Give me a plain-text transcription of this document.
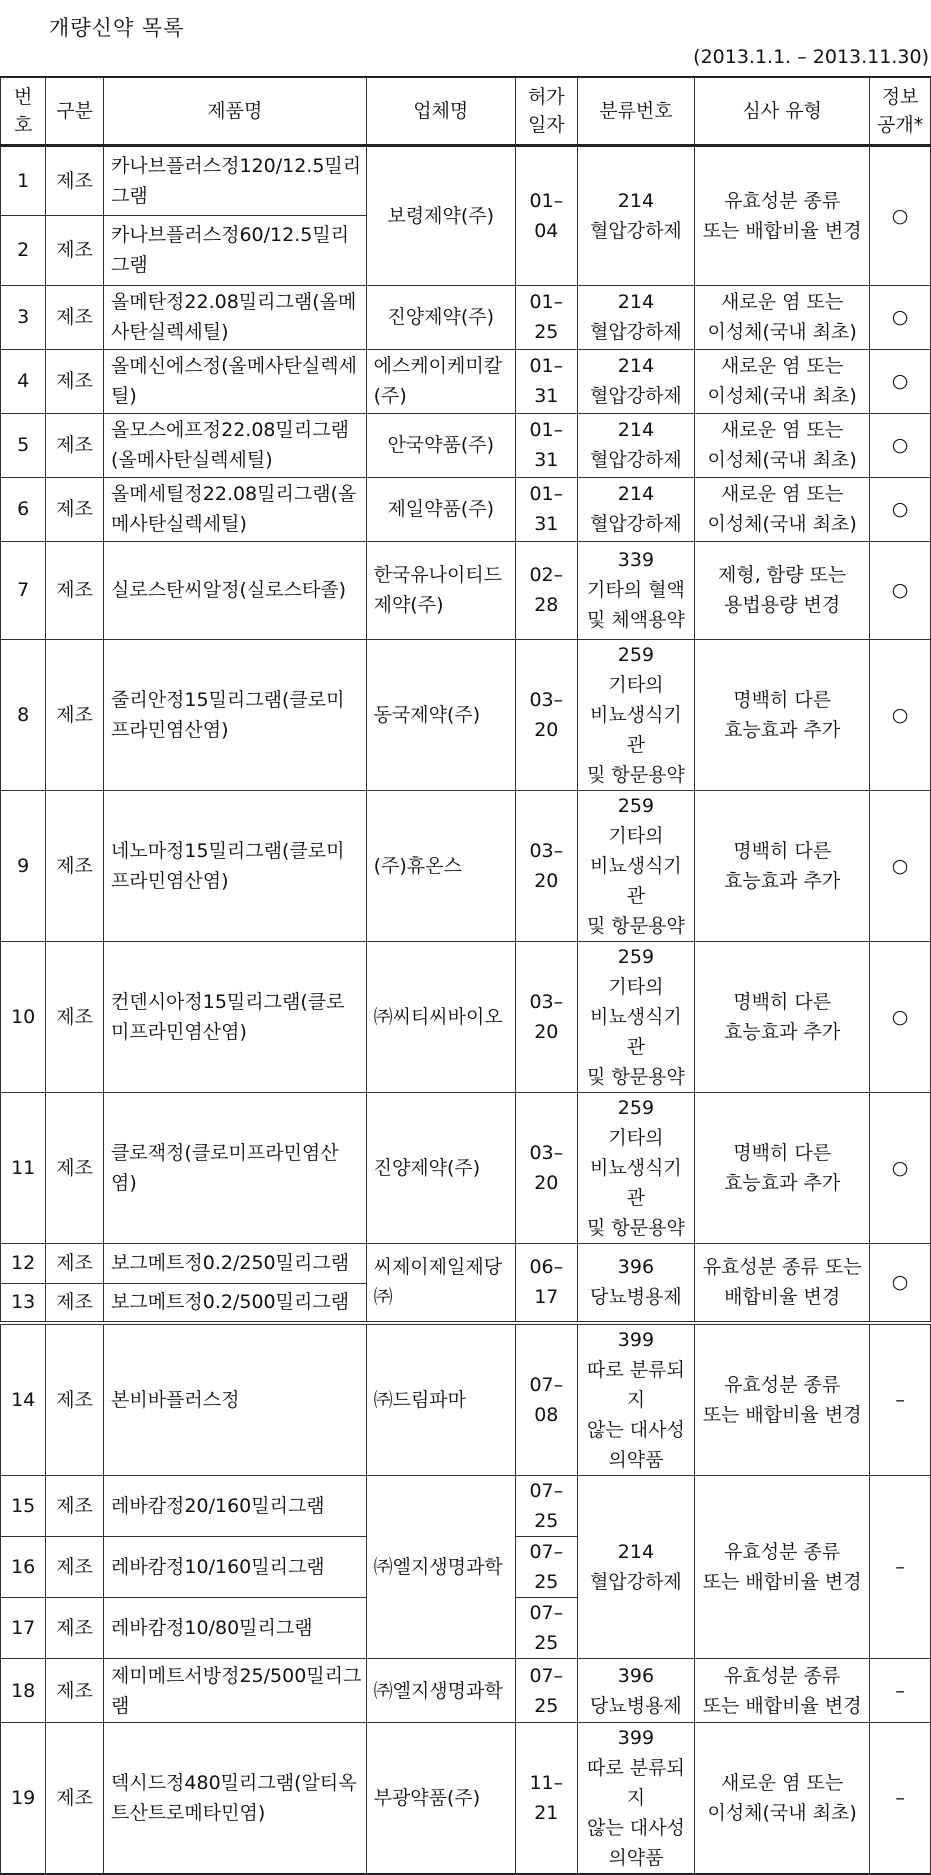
개량신약 목록
(2013.1.1. – 2013.11.30)
번호	구분	제품명	업체명	허가
일자	분류번호	심사 유형	정보
공개*

1	제조	카나브플러스정120/12.5밀리그램	보령제약(주)	01–04	214
혈압강하제	유효성분 종류
또는 배합비율 변경	○
2	제조	카나브플러스정60/12.5밀리그램					
3	제조	올메탄정22.08밀리그램(올메사탄실렉세틸)	진양제약(주)	01–25	214
혈압강하제	새로운 염 또는
이성체(국내 최초)	○
4	제조	올메신에스정(올메사탄실렉세틸)	에스케이케미칼
(주)	01–31	214
혈압강하제	새로운 염 또는
이성체(국내 최초)	○
5	제조	올모스에프정22.08밀리그램(올메사탄실렉세틸)	안국약품(주)	01–31	214
혈압강하제	새로운 염 또는
이성체(국내 최초)	○
6	제조	올메세틸정22.08밀리그램(올메사탄실렉세틸)	제일약품(주)	01–31	214
혈압강하제	새로운 염 또는
이성체(국내 최초)	○
7	제조	실로스탄씨알정(실로스타졸)	한국유나이티드
제약(주)	02–28	339
기타의 혈액
및 체액용약	제형, 함량 또는
용법용량 변경	○
8	제조	줄리안정15밀리그램(클로미프라민염산염)	동국제약(주)	03–20	259
기타의
비뇨생식기관
및 항문용약	명백히 다른
효능효과 추가	○
9	제조	네노마정15밀리그램(클로미프라민염산염)	(주)휴온스	03–20	259
기타의
비뇨생식기관
및 항문용약	명백히 다른
효능효과 추가	○
10	제조	컨덴시아정15밀리그램(클로미프라민염산염)	㈜씨티씨바이오	03–20	259
기타의
비뇨생식기관
및 항문용약	명백히 다른
효능효과 추가	○
11	제조	클로잭정(클로미프라민염산염)	진양제약(주)	03–20	259
기타의
비뇨생식기관
및 항문용약	명백히 다른
효능효과 추가	○
12	제조	보그메트정0.2/250밀리그램	씨제이제일제당
㈜	06–17	396
당뇨병용제	유효성분 종류 또는
배합비율 변경	○
13	제조	보그메트정0.2/500밀리그램					
14	제조	본비바플러스정	㈜드림파마	07–08	399
따로 분류되지
않는 대사성
의약품	유효성분 종류
또는 배합비율 변경	–
15	제조	레바캄정20/160밀리그램	㈜엘지생명과학	07–25	214
혈압강하제	유효성분 종류
또는 배합비율 변경	–
16	제조	레바캄정10/160밀리그램		07–25			
17	제조	레바캄정10/80밀리그램		07–25			
18	제조	제미메트서방정25/500밀리그램	㈜엘지생명과학	07–25	396
당뇨병용제	유효성분 종류
또는 배합비율 변경	–
19	제조	덱시드정480밀리그램(알티옥트산트로메타민염)	부광약품(주)	11–21	399
따로 분류되지
않는 대사성
의약품	새로운 염 또는
이성체(국내 최초)	–
